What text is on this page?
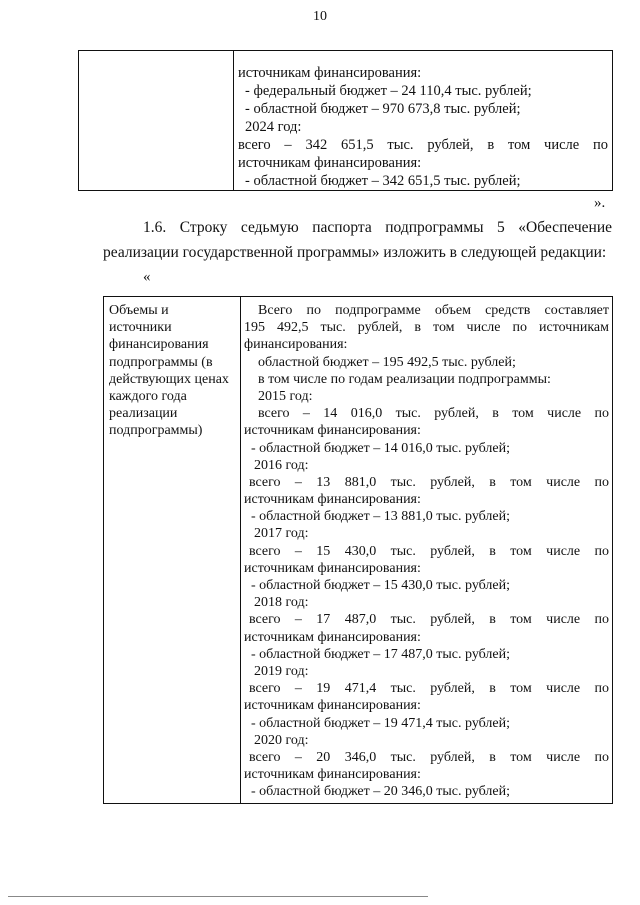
10
источникам финансирования:
- федеральный бюджет – 24 110,4 тыс. рублей;
- областной бюджет – 970 673,8 тыс. рублей;
2024 год:
всего – 342 651,5 тыс. рублей, в том числе по
источникам финансирования:
- областной бюджет – 342 651,5 тыс. рублей;
».
1.6. Строку седьмую паспорта подпрограммы 5 «Обеспечение
реализации государственной программы» изложить в следующей редакции:
«
Объемы и
источники
финансирования
подпрограммы (в
действующих ценах
каждого года
реализации
подпрограммы)
Всего по подпрограмме объем средств составляет
195 492,5 тыс. рублей, в том числе по источникам
финансирования:
областной бюджет – 195 492,5 тыс. рублей;
в том числе по годам реализации подпрограммы:
2015 год:
всего – 14 016,0 тыс. рублей, в том числе по
источникам финансирования:
- областной бюджет – 14 016,0 тыс. рублей;
2016 год:
всего – 13 881,0 тыс. рублей, в том числе по
источникам финансирования:
- областной бюджет – 13 881,0 тыс. рублей;
2017 год:
всего – 15 430,0 тыс. рублей, в том числе по
источникам финансирования:
- областной бюджет – 15 430,0 тыс. рублей;
2018 год:
всего – 17 487,0 тыс. рублей, в том числе по
источникам финансирования:
- областной бюджет – 17 487,0 тыс. рублей;
2019 год:
всего – 19 471,4 тыс. рублей, в том числе по
источникам финансирования:
- областной бюджет – 19 471,4 тыс. рублей;
2020 год:
всего – 20 346,0 тыс. рублей, в том числе по
источникам финансирования:
- областной бюджет – 20 346,0 тыс. рублей;
